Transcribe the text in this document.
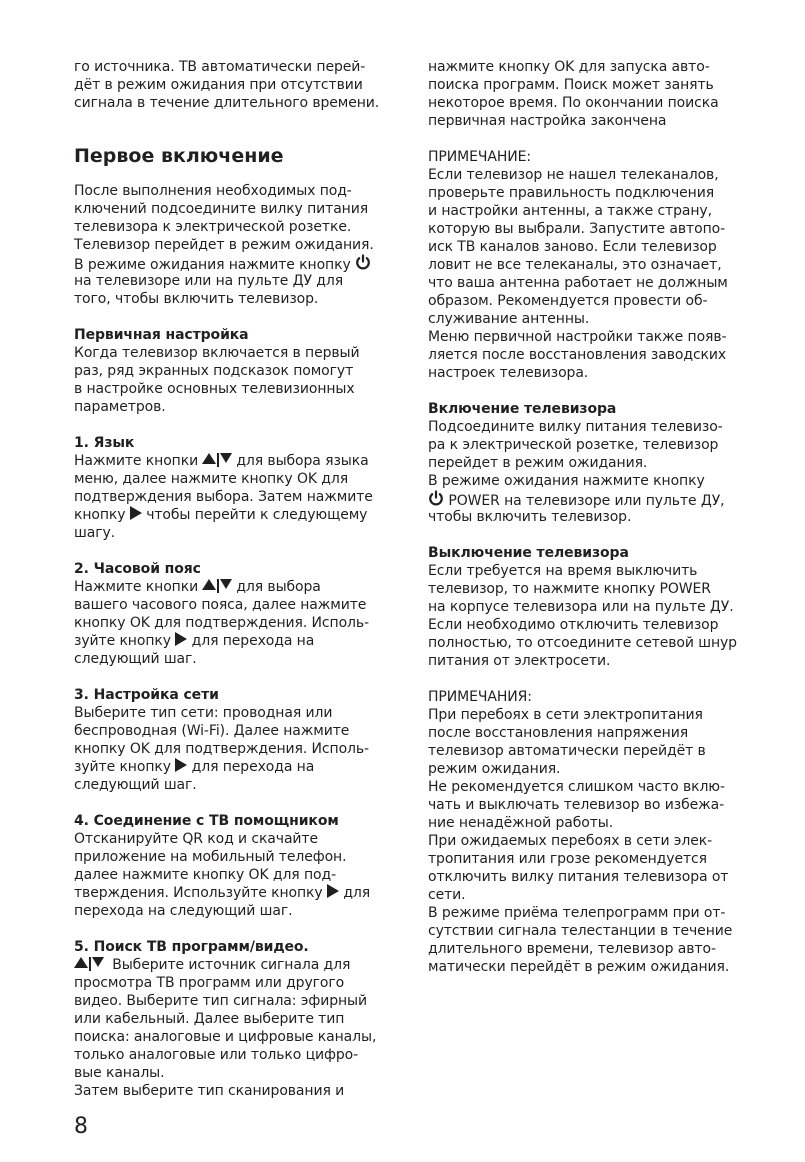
го источника. ТВ автоматически перей-
дёт в режим ожидания при отсутствии
сигнала в течение длительного времени.
Первое включение
После выполнения необходимых под-
ключений подсоедините вилку питания
телевизора к электрической розетке.
Телевизор перейдет в режим ожидания.
В режиме ожидания нажмите кнопку
на телевизоре или на пульте ДУ для
того, чтобы включить телевизор.
Первичная настройка
Когда телевизор включается в первый
раз, ряд экранных подсказок помогут
в настройке основных телевизионных
параметров.
1. Язык
Нажмите кнопки	для выбора языка
меню, далее нажмите кнопку OK для
подтверждения выбора. Затем нажмите
кнопку чтобы перейти к следующему
шагу.
2. Часовой пояс
Нажмите кнопки	для выбора
вашего часового пояса, далее нажмите
кнопку OK для подтверждения. Исполь-
зуйте кнопку для перехода на
следующий шаг.
3. Настройка сети
Выберите тип сети: проводная или
беспроводная (Wi-Fi). Далее нажмите
кнопку OK для подтверждения. Исполь-
зуйте кнопку для перехода на
следующий шаг.
4. Соединение с ТВ помощником
Отсканируйте QR код и скачайте
приложение на мобильный телефон.
далее нажмите кнопку OK для под-
тверждения. Используйте кнопку для
перехода на следующий шаг.
5. Поиск ТВ программ/видео.
Выберите источник сигнала для
просмотра ТВ программ или другого
видео. Выберите тип сигнала: эфирный
или кабельный. Далее выберите тип
поиска: аналоговые и цифровые каналы,
только аналоговые или только цифро-
вые каналы.
Затем выберите тип сканирования и
нажмите кнопку OK для запуска авто-
поиска программ. Поиск может занять
некоторое время. По окончании поиска
первичная настройка закончена
ПРИМЕЧАНИЕ:
Если телевизор не нашел телеканалов,
проверьте правильность подключения
и настройки антенны, а также страну,
которую вы выбрали. Запустите автопо-
иск ТВ каналов заново. Если телевизор
ловит не все телеканалы, это означает,
что ваша антенна работает не должным
образом. Рекомендуется провести об-
служивание антенны.
Меню первичной настройки также появ-
ляется после восстановления заводских
настроек телевизора.
Включение телевизора
Подсоедините вилку питания телевизо-
ра к электрической розетке, телевизор
перейдет в режим ожидания.
В режиме ожидания нажмите кнопку
POWER на телевизоре или пульте ДУ,
чтобы включить телевизор.
Выключение телевизора
Если требуется на время выключить
телевизор, то нажмите кнопку POWER
на корпусе телевизора или на пульте ДУ.
Если необходимо отключить телевизор
полностью, то отсоедините сетевой шнур
питания от электросети.
ПРИМЕЧАНИЯ:
При перебоях в сети электропитания
после восстановления напряжения
телевизор автоматически перейдёт в
режим ожидания.
Не рекомендуется слишком часто вклю-
чать и выключать телевизор во избежа-
ние ненадёжной работы.
При ожидаемых перебоях в сети элек-
тропитания или грозе рекомендуется
отключить вилку питания телевизора от
сети.
В режиме приёма телепрограмм при от-
сутствии сигнала телестанции в течение
длительного времени, телевизор авто-
матически перейдёт в режим ожидания.
8
